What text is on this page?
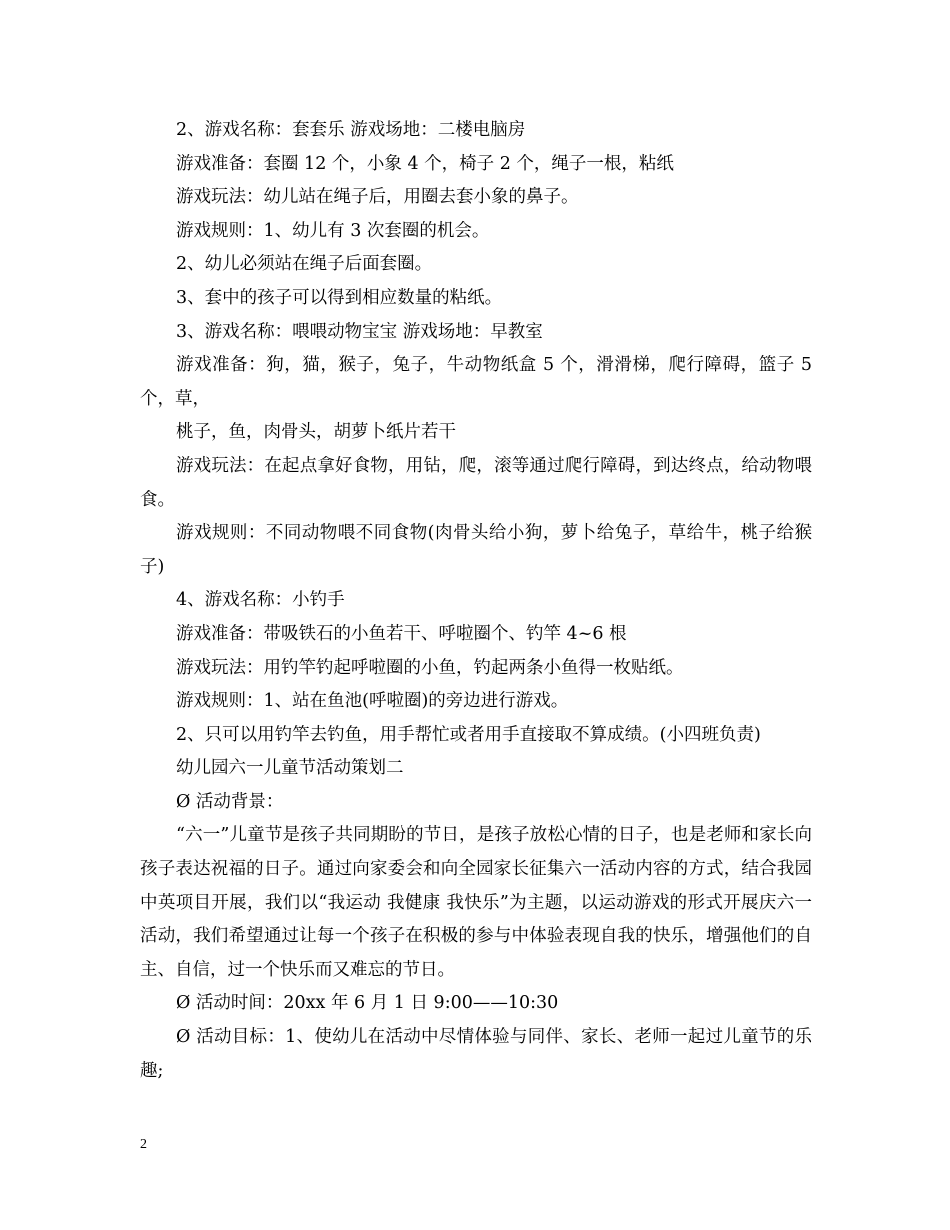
2、游戏名称：套套乐 游戏场地：二楼电脑房

游戏准备：套圈 12 个，小象 4 个，椅子 2 个，绳子一根，粘纸

游戏玩法：幼儿站在绳子后，用圈去套小象的鼻子。

游戏规则：1、幼儿有 3 次套圈的机会。

2、幼儿必须站在绳子后面套圈。

3、套中的孩子可以得到相应数量的粘纸。

3、游戏名称：喂喂动物宝宝 游戏场地：早教室

游戏准备：狗，猫，猴子，兔子，牛动物纸盒 5 个，滑滑梯，爬行障碍，篮子 5 个，草，

桃子，鱼，肉骨头，胡萝卜纸片若干

游戏玩法：在起点拿好食物，用钻，爬，滚等通过爬行障碍，到达终点，给动物喂食。

游戏规则：不同动物喂不同食物(肉骨头给小狗，萝卜给兔子，草给牛，桃子给猴子)

4、游戏名称：小钓手

游戏准备：带吸铁石的小鱼若干、呼啦圈个、钓竿 4~6 根

游戏玩法：用钓竿钓起呼啦圈的小鱼，钓起两条小鱼得一枚贴纸。

游戏规则：1、站在鱼池(呼啦圈)的旁边进行游戏。

2、只可以用钓竿去钓鱼，用手帮忙或者用手直接取不算成绩。(小四班负责)

幼儿园六一儿童节活动策划二

Ø 活动背景：

“六一”儿童节是孩子共同期盼的节日，是孩子放松心情的日子，也是老师和家长向孩子表达祝福的日子。通过向家委会和向全园家长征集六一活动内容的方式，结合我园中英项目开展，我们以“我运动 我健康 我快乐”为主题，以运动游戏的形式开展庆六一活动，我们希望通过让每一个孩子在积极的参与中体验表现自我的快乐，增强他们的自主、自信，过一个快乐而又难忘的节日。

Ø 活动时间：20xx 年 6 月 1 日 9:00——10:30

Ø 活动目标：1、使幼儿在活动中尽情体验与同伴、家长、老师一起过儿童节的乐趣;

2
